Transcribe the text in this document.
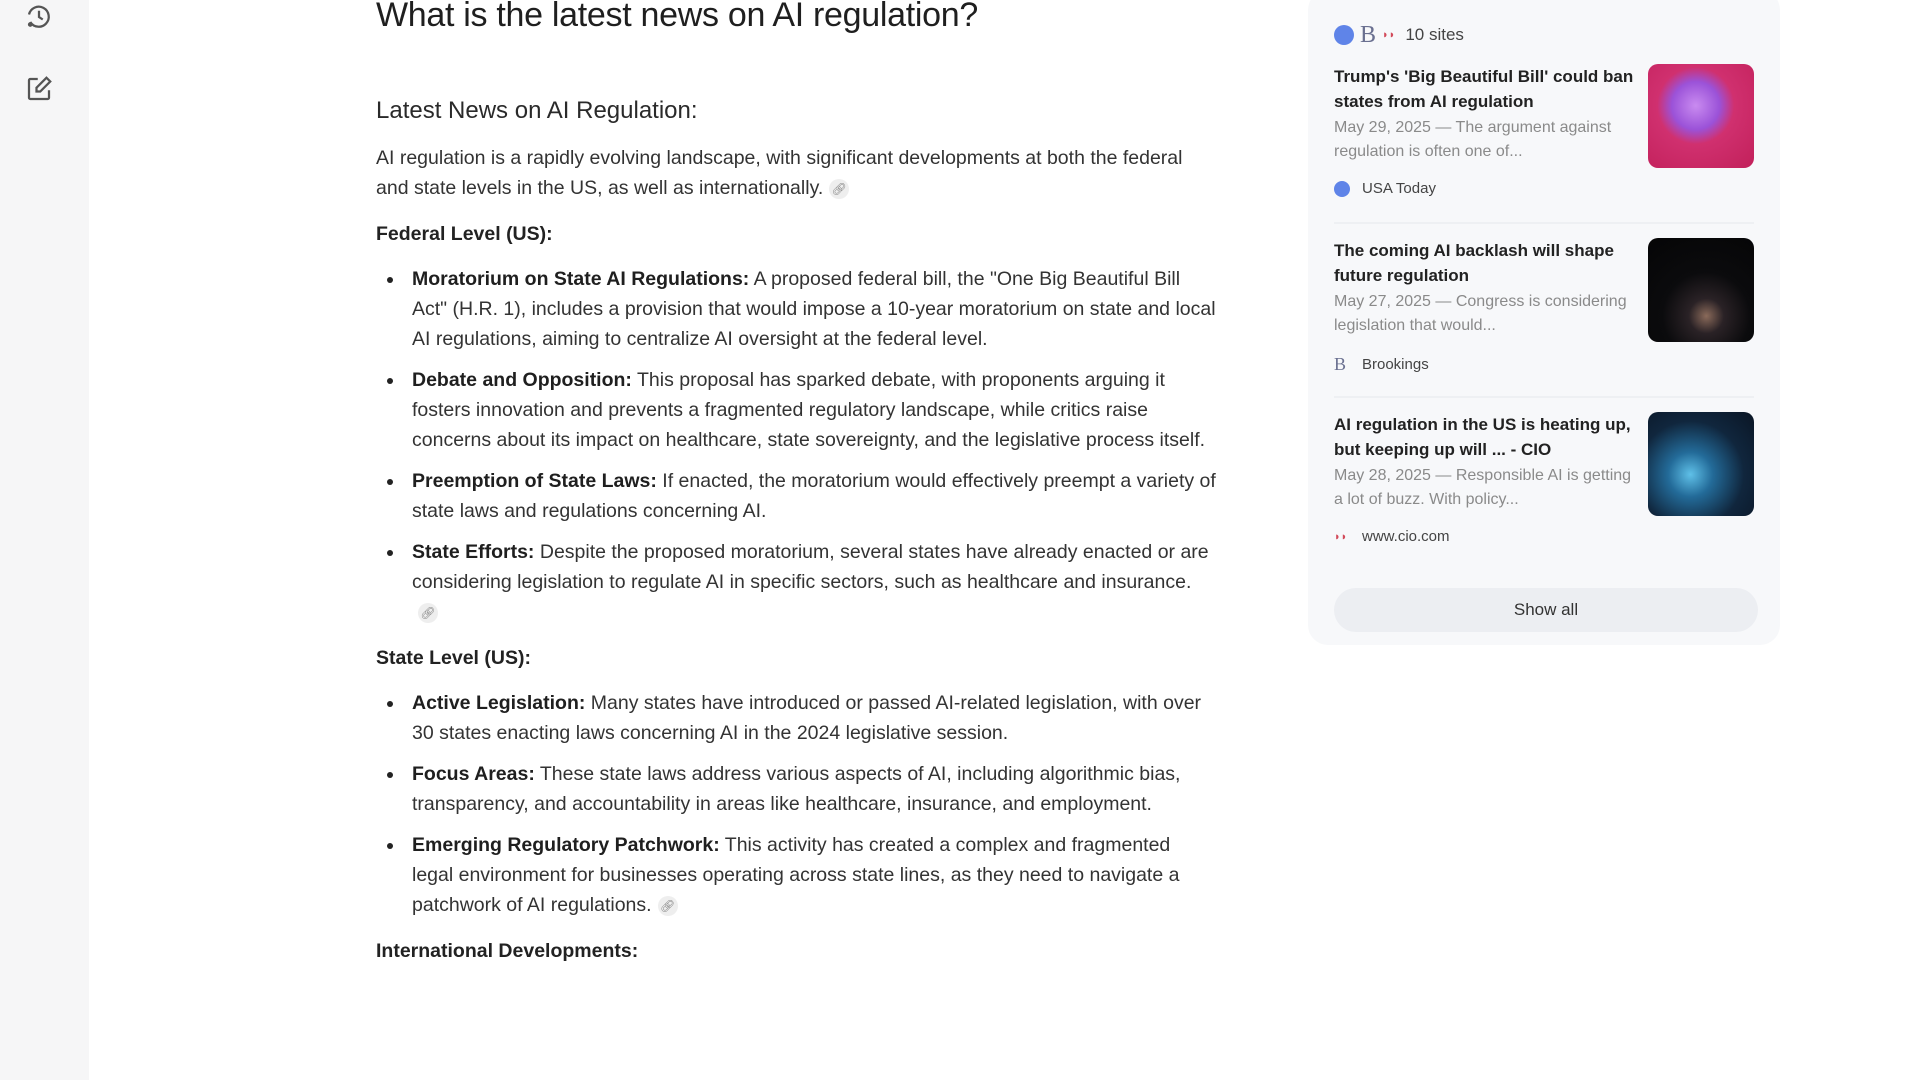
What is the latest news on AI regulation?
Latest News on AI Regulation:
AI regulation is a rapidly evolving landscape, with significant developments at both the federal and state levels in the US, as well as internationally. 🔗︎
Federal Level (US):
Moratorium on State AI Regulations: A proposed federal bill, the "One Big Beautiful Bill Act" (H.R. 1), includes a provision that would impose a 10-year moratorium on state and local AI regulations, aiming to centralize AI oversight at the federal level.
Debate and Opposition: This proposal has sparked debate, with proponents arguing it fosters innovation and prevents a fragmented regulatory landscape, while critics raise concerns about its impact on healthcare, state sovereignty, and the legislative process itself.
Preemption of State Laws: If enacted, the moratorium would effectively preempt a variety of state laws and regulations concerning AI.
State Efforts: Despite the proposed moratorium, several states have already enacted or are considering legislation to regulate AI in specific sectors, such as healthcare and insurance.🔗︎
State Level (US):
Active Legislation: Many states have introduced or passed AI-related legislation, with over 30 states enacting laws concerning AI in the 2024 legislative session.
Focus Areas: These state laws address various aspects of AI, including algorithmic bias, transparency, and accountability in areas like healthcare, insurance, and employment.
Emerging Regulatory Patchwork: This activity has created a complex and fragmented legal environment for businesses operating across state lines, as they need to navigate a patchwork of AI regulations. 🔗︎
International Developments:
B ◗◗ 10 sites
Trump's 'Big Beautiful Bill' could ban states from AI regulation
May 29, 2025 — The argument against regulation is often one of...
USA Today
The coming AI backlash will shape future regulation
May 27, 2025 — Congress is considering legislation that would...
B Brookings
AI regulation in the US is heating up, but keeping up will ... - CIO
May 28, 2025 — Responsible AI is getting a lot of buzz. With policy...
◗◗ www.cio.com
Show all
